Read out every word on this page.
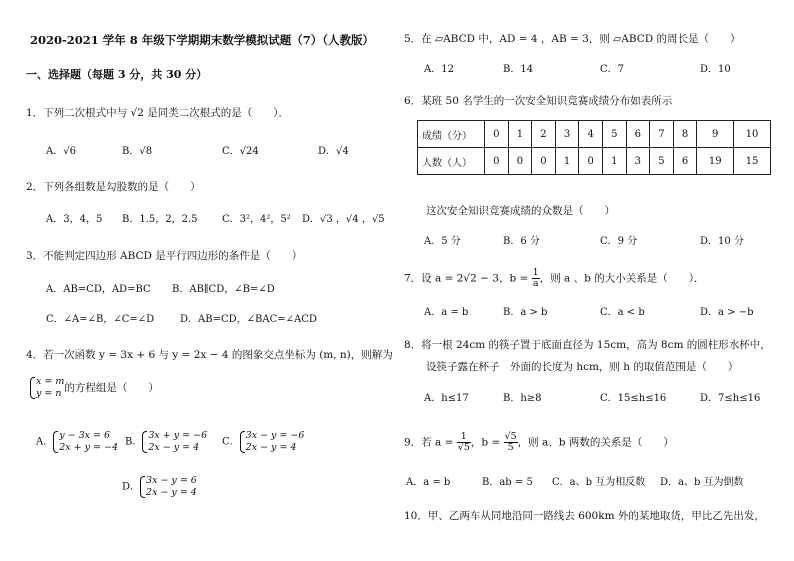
2020-2021 学年 8 年级下学期期末数学模拟试题（7）（人教版）
一、选择题（每题 3 分，共 30 分）
1．下列二次根式中与 √2 是同类二次根式的是（　　）．
A．√6	B．√8	C．√24	D．√4
2．下列各组数是勾股数的是（　　）
A．3，4，5 B．1.5，2，2.5 C．3²，4²，5² D．√3 ，√4 ，√5
3．不能判定四边形 ABCD 是平行四边形的条件是（　　）
A．AB=CD，AD=BC B．AB∥CD，∠B=∠D
C．∠A=∠B，∠C=∠D	D．AB=CD，∠BAC=∠ACD
4．若一次函数 y = 3x + 6 与 y = 2x − 4 的图象交点坐标为 (m, n)，则解为
x = m
y = n 的方程组是（　　）
A．
y − 3x = 6
2x + y = −4 B．
3x + y = −6
2x − y = 4	C．
3x − y = −6
2x − y = 4
D．
3x − y = 6
2x − y = 4
5．在 ▱ABCD 中，AD = 4 ，AB = 3，则 ▱ABCD 的周长是（　　）
A．12	B．14	C．7	D．10
6．某班 50 名学生的一次安全知识竞赛成绩分布如表所示
成绩（分）	0	1	2	3	4	5	6	7	8	9	10
人数（人）	0	0	0	1	0	1	3	5	6	19	15
这次安全知识竞赛成绩的众数是（　　）
A．5 分	B．6 分	C．9 分	D．10 分
7．设 a = 2√2 − 3，$b = \frac{1}{a}$ ，则 a 、b 的大小关系是（　　）．
A．a = b	B．a > b	C．a < b	D．a > −b
8．将一根 24cm 的筷子置于底面直径为 15cm，高为 8cm 的圆柱形水杯中，
设筷子露在杯子　外面的长度为 hcm，则 h 的取值范围是（　　）
A．h≤17	B．h≥8	C．15≤h≤16	D．7≤h≤16
9．若 $a = \frac{1}{√5}$ ，$b = \frac{√5}{5}$ ，则 a、b 两数的关系是（　　）
A．a = b	B．ab = 5 C．a、b 互为相反数 D．a、b 互为倒数
10．甲、乙两车从同地沿同一路线去 600km 外的某地取货，甲比乙先出发，
